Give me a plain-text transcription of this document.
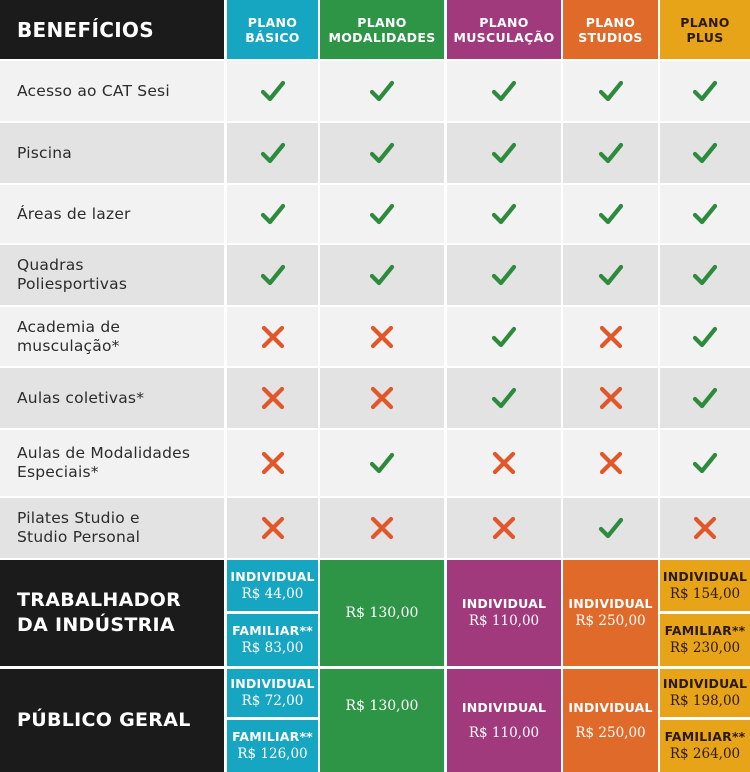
BENEFÍCIOS	PLANO
BÁSICO
PLANO
MODALIDADES
PLANO
MUSCULAÇÃO
PLANO
STUDIOS
PLANO
PLUS
Acesso ao CAT Sesi
Piscina
Áreas de lazer
Quadras
Poliesportivas
Academia de
musculação*
Aulas coletivas*
Aulas de Modalidades
Especiais*
Pilates Studio e
Studio Personal
TRABALHADOR
DA INDÚSTRIA
INDIVIDUAL
R$ 44,00
FAMILIAR**
R$ 83,00
R$ 130,00
INDIVIDUAL
R$ 110,00
INDIVIDUAL
R$ 250,00
INDIVIDUAL
R$ 154,00
FAMILIAR**
R$ 230,00
PÚBLICO GERAL
INDIVIDUAL
R$ 72,00
FAMILIAR**
R$ 126,00
R$ 130,00	INDIVIDUAL
R$ 110,00
INDIVIDUAL
R$ 250,00
INDIVIDUAL
R$ 198,00
FAMILIAR**
R$ 264,00
